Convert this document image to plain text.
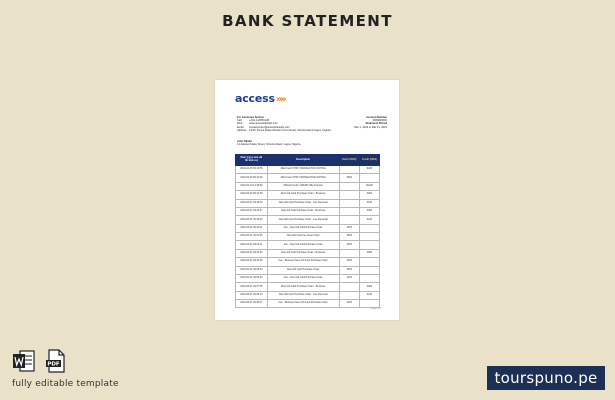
BANK STATEMENT
access»»
For Customer Service
Call	+234-1-2805-628
Web	www.accessbankplc.com
Email contactcenter@accessbankplc.com
Address 14/15, Prince Alaba Abiodun Oniru Road, Victoria Island Lagos, Nigeria
Account Number
0000000000
Statement Period
Mar 1, 2019 to Mar 31, 2019
John Okafor
14 Adeola Odeku Street, Victoria Island, Lagos, Nigeria
Date (yyyy-mm-dd hh:mm:ss)	Description	Debit (NGN)	Credit (NGN)
2019-03-15 09:13:56	Zilla Fresh VTRF TRANSACTION PAYING		9425
2019-03-15 09:14:28	Zilla Fresh VTRF TRANSACTION PAYING	2500	
2019-03-19 13:18:08	Official Credit / CREDIT Zilla Transfer		29120
2019-03-20 09:12:38	Rent Gift Card Purchase Order - Business		3000
2019-03-21 09:15:02	New Gift Card Purchase Order - Fee Reversal		3120
2019-03-21 09:15:27	New Gift Card Purchase Order - Business		3000
2019-03-21 09:19:26	New Gift Card Purchase Order - Fee Reversal		3120
2019-03-21 09:20:11	Fee - New Gift Card Purchase Order	3125	
2019-03-21 09:21:56	New Gift Card Fee Issue Order	3000	
2019-03-21 09:22:11	Fee - New Gift Card Purchase Order	3125	
2019-03-21 09:23:20	New Gift Card Purchase Order - Business		3000
2019-03-21 09:24:48	Fee - Business New Gift Card Purchase Order	3125	
2019-03-21 09:25:34	New Gift Card Purchase Order	3000	
2019-03-21 09:26:42	Fee - New Gift Card Purchase Order	3125	
2019-03-21 09:27:55	Rent Gift Card Purchase Order - Business		3000
2019-03-21 09:29:14	New Gift Card Purchase Order - Fee Reversal		3120
2019-03-21 09:30:07	Fee - Business New Gift Card Purchase Order	3125	
Page 1/1
PDF
fully editable template	tourspuno.pe
